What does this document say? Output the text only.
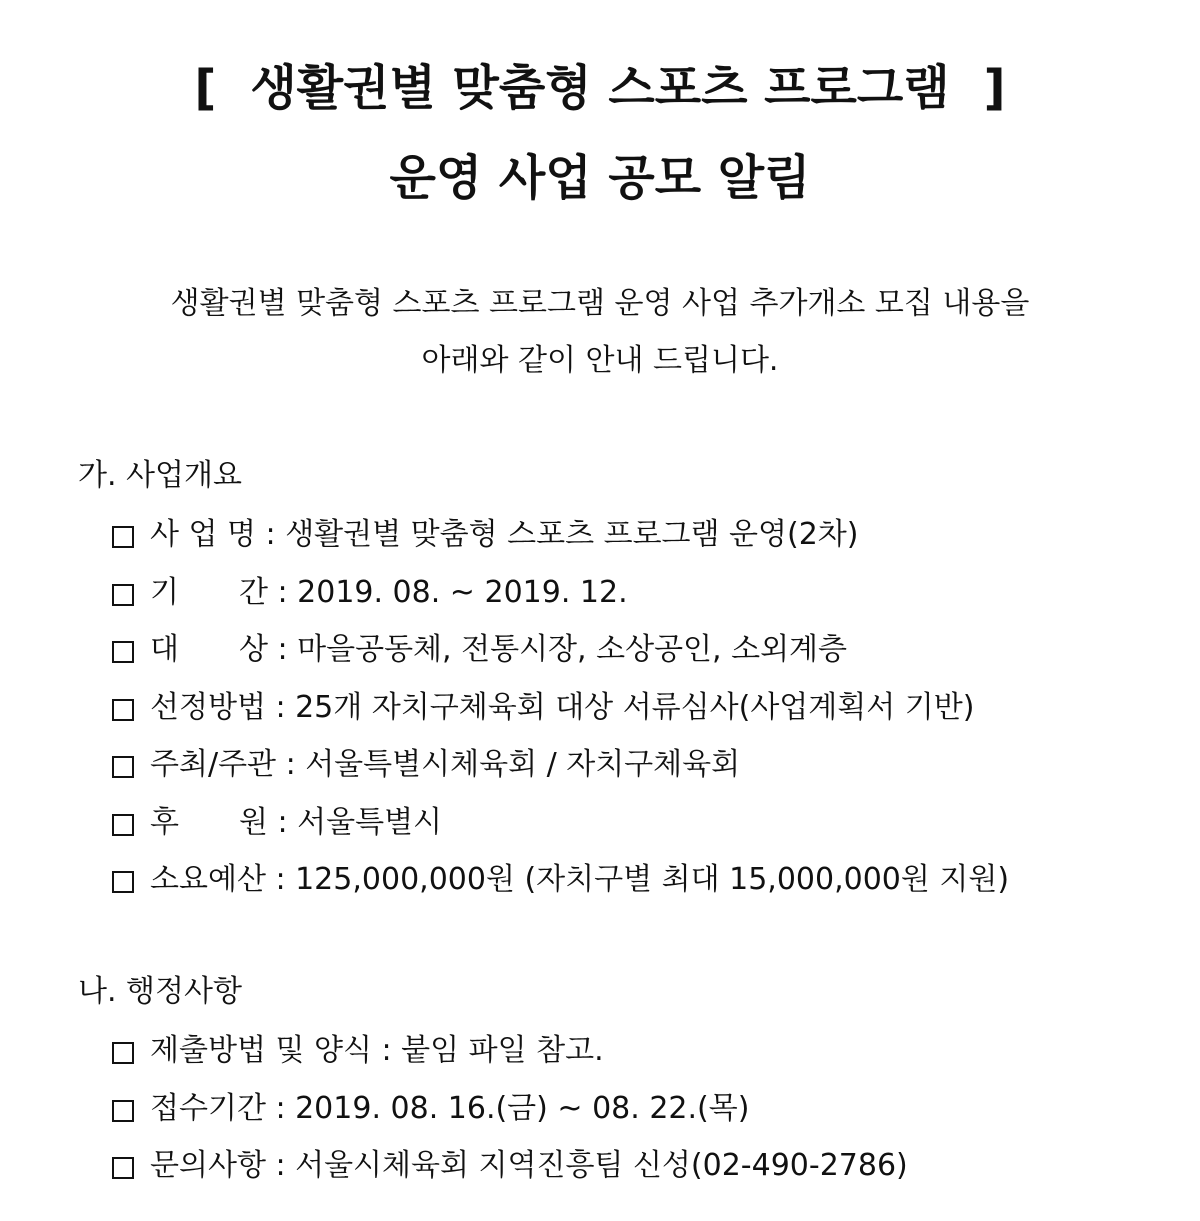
[ 생활권별 맞춤형 스포츠 프로그램 ]
운영 사업 공모 알림
생활권별 맞춤형 스포츠 프로그램 운영 사업 추가개소 모집 내용을
아래와 같이 안내 드립니다.
가. 사업개요
사 업 명 : 생활권별 맞춤형 스포츠 프로그램 운영(2차)
기　　간 : 2019. 08. ~ 2019. 12.
대　　상 : 마을공동체, 전통시장, 소상공인, 소외계층
선정방법 : 25개 자치구체육회 대상 서류심사(사업계획서 기반)
주최/주관 : 서울특별시체육회 / 자치구체육회
후　　원 : 서울특별시
소요예산 : 125,000,000원 (자치구별 최대 15,000,000원 지원)
나. 행정사항
제출방법 및 양식 : 붙임 파일 참고.
접수기간 : 2019. 08. 16.(금) ~ 08. 22.(목)
문의사항 : 서울시체육회 지역진흥팀 신성(02-490-2786)
